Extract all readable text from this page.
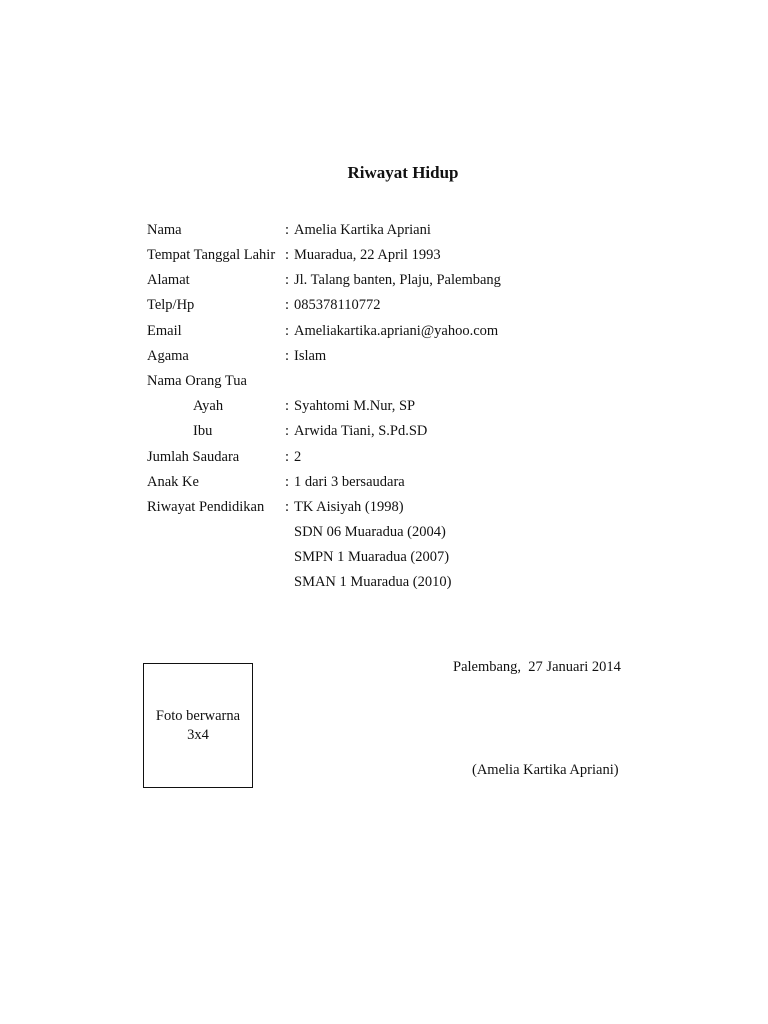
Riwayat Hidup
Nama	: Amelia Kartika Apriani
Tempat Tanggal Lahir : Muaradua, 22 April 1993
Alamat	: Jl. Talang banten, Plaju, Palembang
Telp/Hp	: 085378110772
Email	: Ameliakartika.apriani@yahoo.com
Agama	: Islam
Nama Orang Tua
Ayah	: Syahtomi M.Nur, SP
Ibu	: Arwida Tiani, S.Pd.SD
Jumlah Saudara	: 2
Anak Ke	: 1 dari 3 bersaudara
Riwayat Pendidikan : TK Aisiyah (1998)
SDN 06 Muaradua (2004)
SMPN 1 Muaradua (2007)
SMAN 1 Muaradua (2010)
Foto berwarna
3x4
Palembang,  27 Januari 2014
(Amelia Kartika Apriani)
